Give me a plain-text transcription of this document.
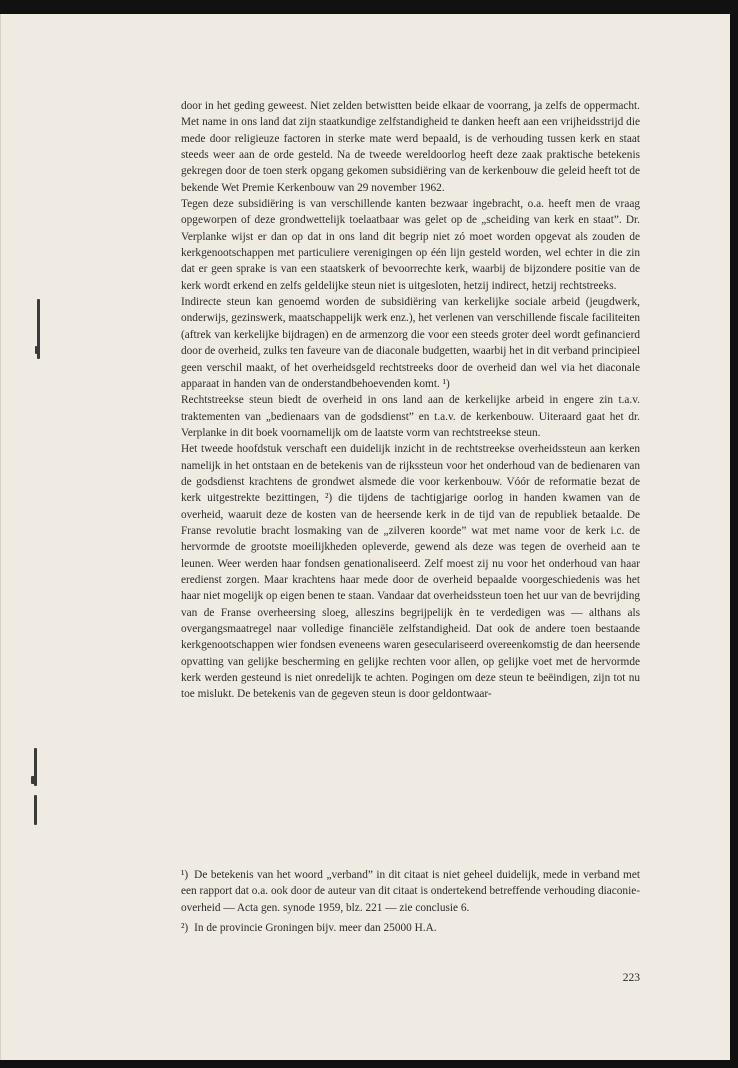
door in het geding geweest. Niet zelden betwistten beide elkaar de voorrang, ja zelfs de oppermacht. Met name in ons land dat zijn staatkundige zelfstandigheid te danken heeft aan een vrijheidsstrijd die mede door religieuze factoren in sterke mate werd bepaald, is de verhouding tussen kerk en staat steeds weer aan de orde gesteld. Na de tweede wereldoorlog heeft deze zaak praktische betekenis gekregen door de toen sterk opgang gekomen subsidiëring van de kerkenbouw die geleid heeft tot de bekende Wet Premie Kerkenbouw van 29 november 1962.

Tegen deze subsidiëring is van verschillende kanten bezwaar ingebracht, o.a. heeft men de vraag opgeworpen of deze grondwettelijk toelaatbaar was gelet op de „scheiding van kerk en staat”. Dr. Verplanke wijst er dan op dat in ons land dit begrip niet zó moet worden opgevat als zouden de kerkgenootschappen met particuliere verenigingen op één lijn gesteld worden, wel echter in die zin dat er geen sprake is van een staatskerk of bevoorrechte kerk, waarbij de bijzondere positie van de kerk wordt erkend en zelfs geldelijke steun niet is uitgesloten, hetzij indirect, hetzij rechtstreeks.

Indirecte steun kan genoemd worden de subsidiëring van kerkelijke sociale arbeid (jeugdwerk, onderwijs, gezinswerk, maatschappelijk werk enz.), het verlenen van verschillende fiscale faciliteiten (aftrek van kerkelijke bijdragen) en de armenzorg die voor een steeds groter deel wordt gefinancierd door de overheid, zulks ten faveure van de diaconale budgetten, waarbij het in dit verband principieel geen verschil maakt, of het overheidsgeld rechtstreeks door de overheid dan wel via het diaconale apparaat in handen van de onderstandbehoevenden komt. ¹)

Rechtstreekse steun biedt de overheid in ons land aan de kerkelijke arbeid in engere zin t.a.v. traktementen van „bedienaars van de godsdienst” en t.a.v. de kerkenbouw. Uiteraard gaat het dr. Verplanke in dit boek voornamelijk om de laatste vorm van rechtstreekse steun.

Het tweede hoofdstuk verschaft een duidelijk inzicht in de rechtstreekse overheidssteun aan kerken namelijk in het ontstaan en de betekenis van de rijkssteun voor het onderhoud van de bedienaren van de godsdienst krachtens de grondwet alsmede die voor kerkenbouw. Vóór de reformatie bezat de kerk uitgestrekte bezittingen, ²) die tijdens de tachtigjarige oorlog in handen kwamen van de overheid, waaruit deze de kosten van de heersende kerk in de tijd van de republiek betaalde. De Franse revolutie bracht losmaking van de „zilveren koorde” wat met name voor de kerk i.c. de hervormde de grootste moeilijkheden opleverde, gewend als deze was tegen de overheid aan te leunen. Weer werden haar fondsen genationaliseerd. Zelf moest zij nu voor het onderhoud van haar eredienst zorgen. Maar krachtens haar mede door de overheid bepaalde voorgeschiedenis was het haar niet mogelijk op eigen benen te staan. Vandaar dat overheidssteun toen het uur van de bevrijding van de Franse overheersing sloeg, alleszins begrijpelijk èn te verdedigen was — althans als overgangsmaatregel naar volledige financiële zelfstandigheid. Dat ook de andere toen bestaande kerkgenootschappen wier fondsen eveneens waren geseculariseerd overeenkomstig de dan heersende opvatting van gelijke bescherming en gelijke rechten voor allen, op gelijke voet met de hervormde kerk werden gesteund is niet onredelijk te achten. Pogingen om deze steun te beëindigen, zijn tot nu toe mislukt. De betekenis van de gegeven steun is door geldontwaar-

¹) De betekenis van het woord „verband” in dit citaat is niet geheel duidelijk, mede in verband met een rapport dat o.a. ook door de auteur van dit citaat is ondertekend betreffende verhouding diaconie-overheid — Acta gen. synode 1959, blz. 221 — zie conclusie 6.

²) In de provincie Groningen bijv. meer dan 25000 H.A.

223
